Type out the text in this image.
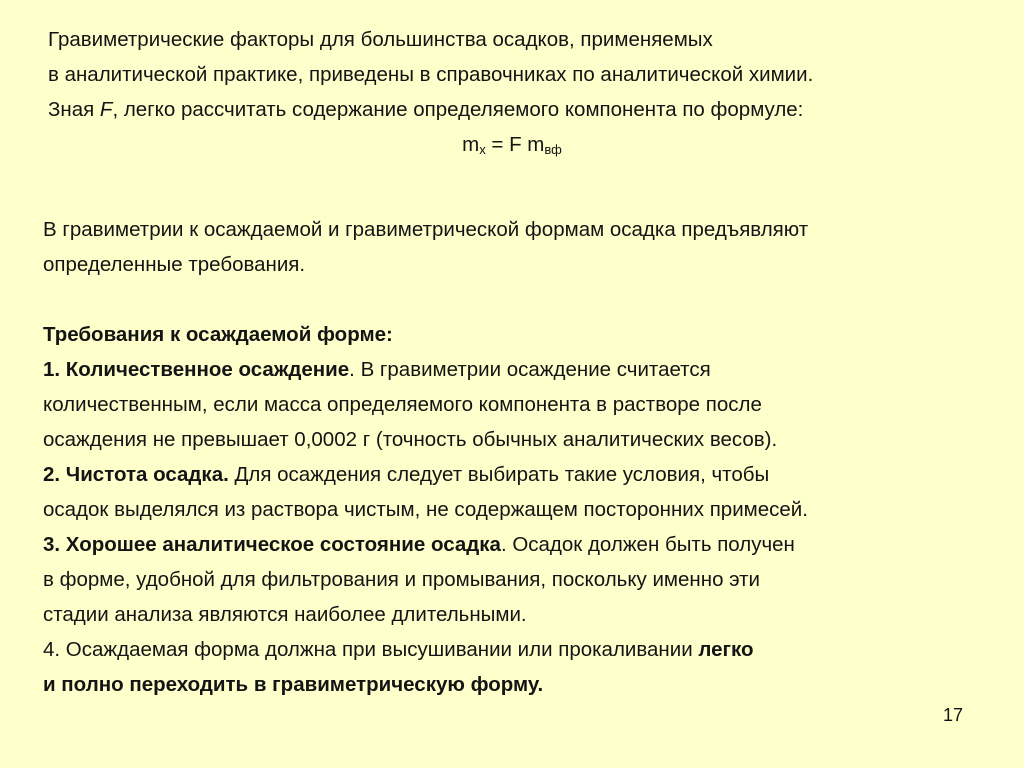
Гравиметрические факторы для большинства осадков, применяемых
в аналитической практике, приведены в справочниках по аналитической химии.
Зная F, легко рассчитать содержание определяемого компонента по формуле:
$m_x = F$ $m_{вф}$
В гравиметрии к осаждаемой и гравиметрической формам осадка предъявляют
определенные требования.
Требования к осаждаемой форме:
1. Количественное осаждение. В гравиметрии осаждение считается
количественным, если масса определяемого компонента в растворе после
осаждения не превышает 0,0002 г (точность обычных аналитических весов).
2. Чистота осадка. Для осаждения следует выбирать такие условия, чтобы
осадок выделялся из раствора чистым, не содержащем посторонних примесей.
3. Хорошее аналитическое состояние осадка. Осадок должен быть получен
в форме, удобной для фильтрования и промывания, поскольку именно эти
стадии анализа являются наиболее длительными.
4. Осаждаемая форма должна при высушивании или прокаливании легко
и полно переходить в гравиметрическую форму.
17
